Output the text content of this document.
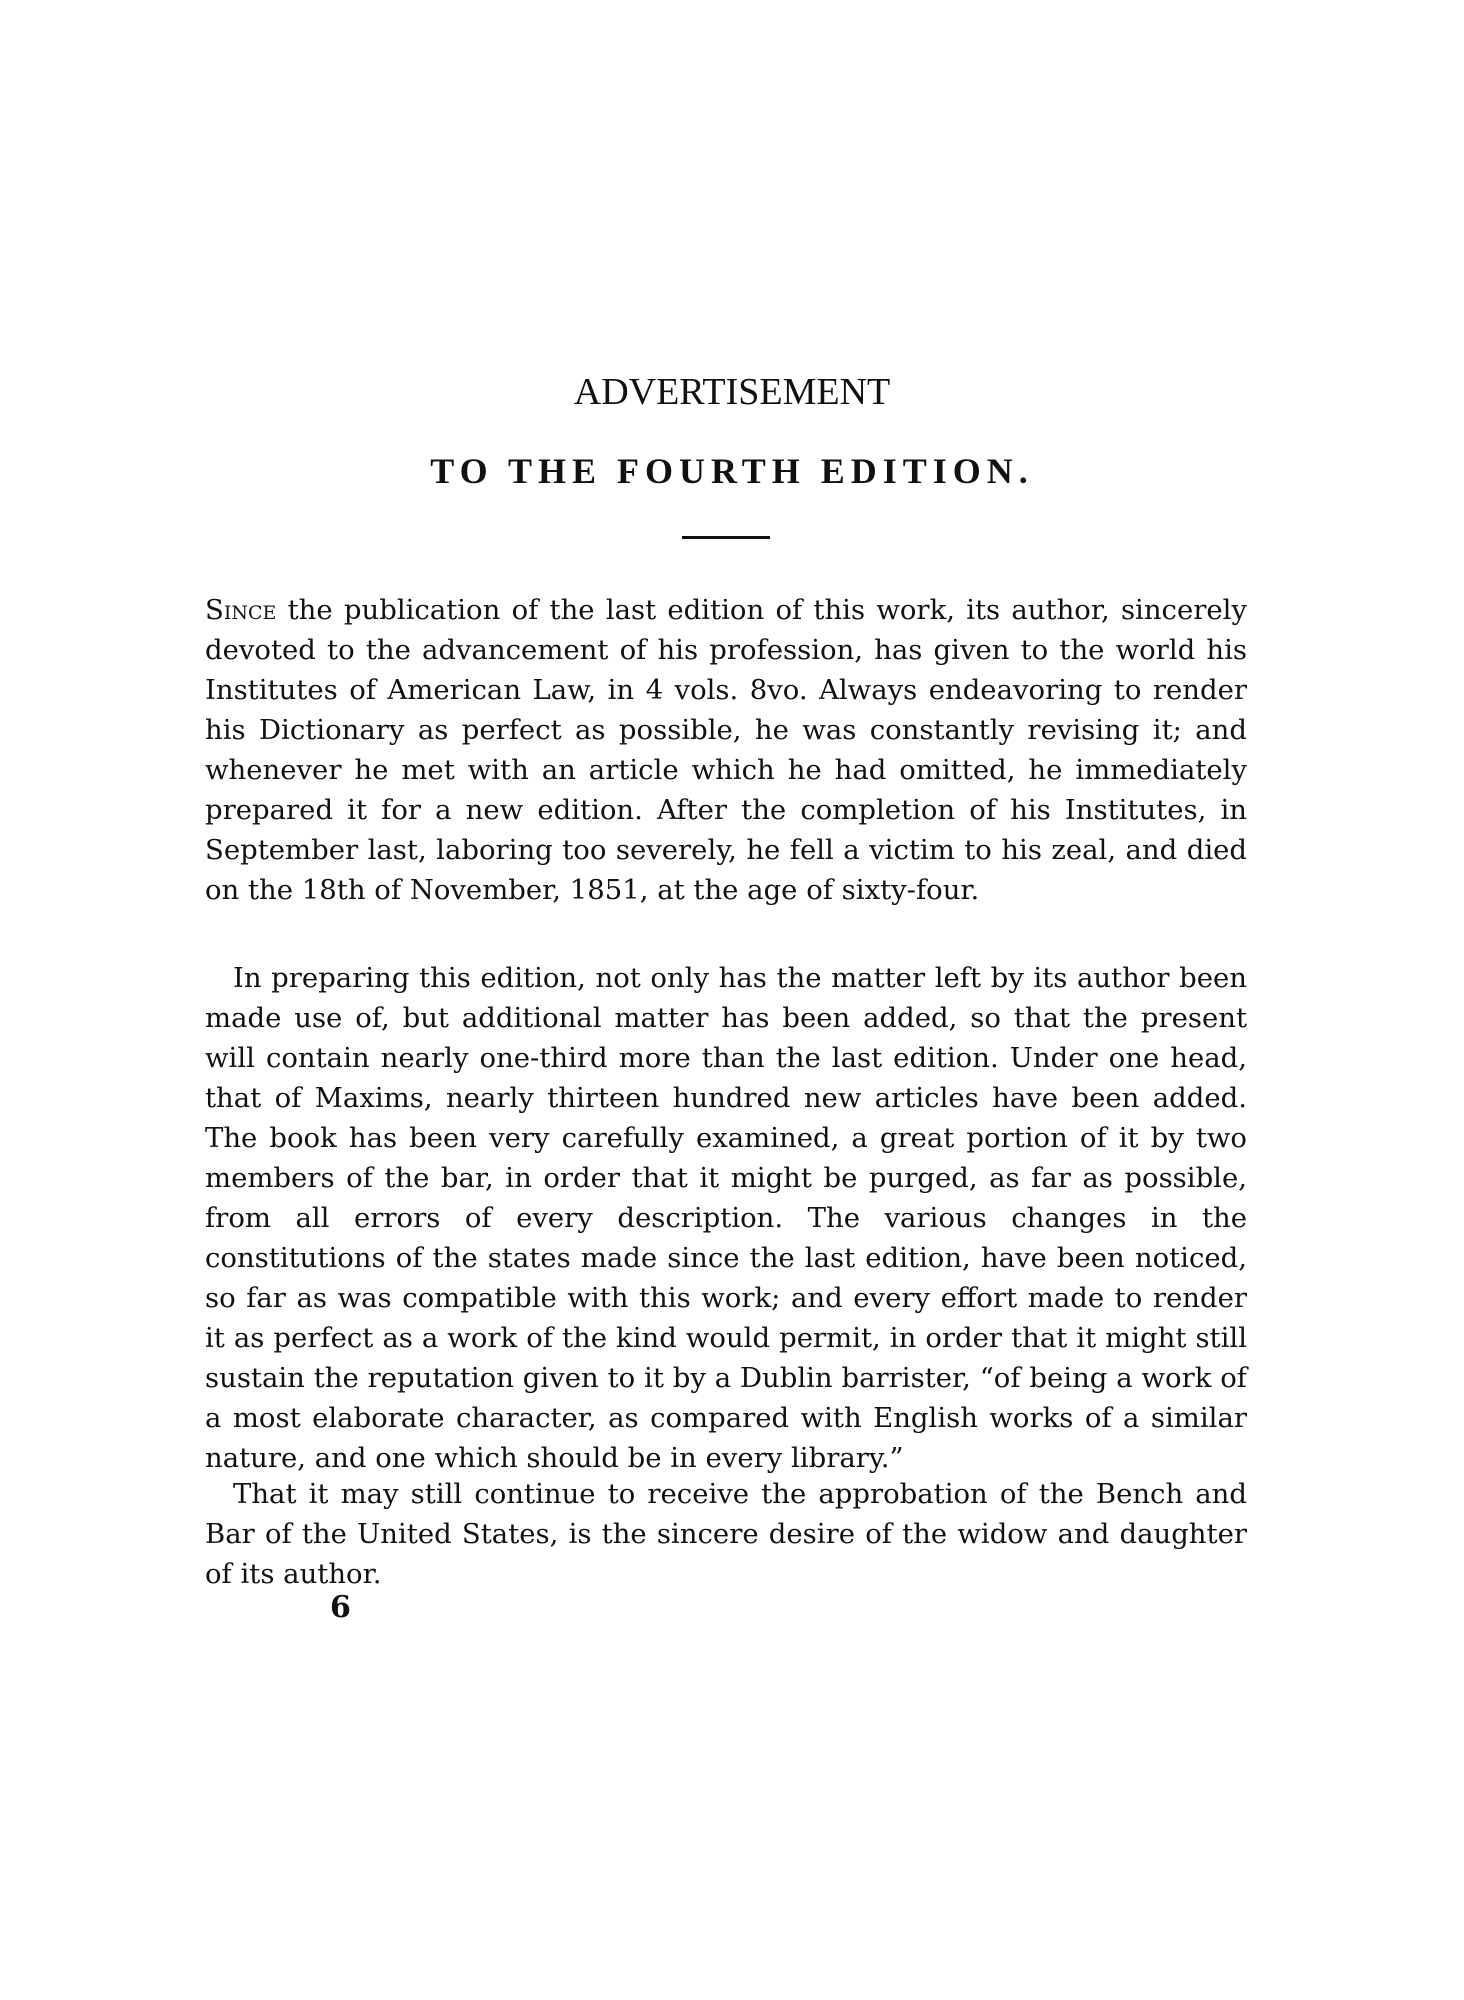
ADVERTISEMENT
TO THE FOURTH EDITION.

Since the publication of the last edition of this work, its author, sincerely devoted to the advancement of his profession, has given to the world his Institutes of American Law, in 4 vols. 8vo. Always endeavoring to render his Dictionary as perfect as possible, he was constantly revising it; and whenever he met with an article which he had omitted, he immediately prepared it for a new edition. After the completion of his Institutes, in September last, laboring too severely, he fell a victim to his zeal, and died on the 18th of November, 1851, at the age of sixty-four.

In preparing this edition, not only has the matter left by its author been made use of, but additional matter has been added, so that the present will contain nearly one-third more than the last edition. Under one head, that of Maxims, nearly thirteen hundred new articles have been added. The book has been very carefully examined, a great portion of it by two members of the bar, in order that it might be purged, as far as possible, from all errors of every description. The various changes in the constitutions of the states made since the last edition, have been noticed, so far as was compatible with this work; and every effort made to render it as perfect as a work of the kind would permit, in order that it might still sustain the reputation given to it by a Dublin barrister, “of being a work of a most elaborate character, as compared with English works of a similar nature, and one which should be in every library.”

That it may still continue to receive the approbation of the Bench and Bar of the United States, is the sincere desire of the widow and daughter of its author.

6
